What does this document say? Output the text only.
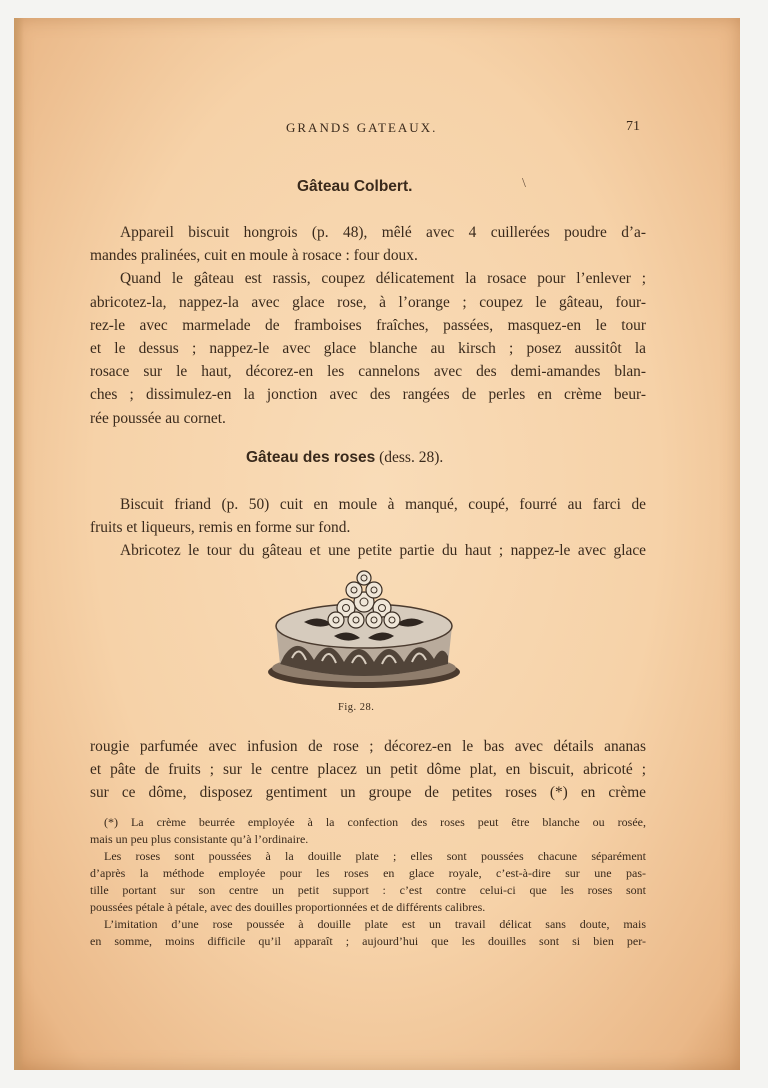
GRANDS GATEAUX.	71
\
Gâteau Colbert.
Appareil biscuit hongrois (p. 48), mêlé avec 4 cuillerées poudre d’a-
mandes pralinées, cuit en moule à rosace : four doux.
Quand le gâteau est rassis, coupez délicatement la rosace pour l’enlever ;
abricotez-la, nappez-la avec glace rose, à l’orange ; coupez le gâteau, four-
rez-le avec marmelade de framboises fraîches, passées, masquez-en le tour
et le dessus ; nappez-le avec glace blanche au kirsch ; posez aussitôt la
rosace sur le haut, décorez-en les cannelons avec des demi-amandes blan-
ches ; dissimulez-en la jonction avec des rangées de perles en crème beur-
rée poussée au cornet.
Gâteau des roses (dess. 28).
Biscuit friand (p. 50) cuit en moule à manqué, coupé, fourré au farci de
fruits et liqueurs, remis en forme sur fond.
Abricotez le tour du gâteau et une petite partie du haut ; nappez-le avec glace
Fig. 28.
rougie parfumée avec infusion de rose ; décorez-en le bas avec détails ananas
et pâte de fruits ; sur le centre placez un petit dôme plat, en biscuit, abricoté ;
sur ce dôme, disposez gentiment un groupe de petites roses (*) en crème
(*) La crème beurrée employée à la confection des roses peut être blanche ou rosée,
mais un peu plus consistante qu’à l’ordinaire.
Les roses sont poussées à la douille plate ; elles sont poussées chacune séparément
d’après la méthode employée pour les roses en glace royale, c’est-à-dire sur une pas-
tille portant sur son centre un petit support : c’est contre celui-ci que les roses sont
poussées pétale à pétale, avec des douilles proportionnées et de différents calibres.
L’imitation d’une rose poussée à douille plate est un travail délicat sans doute, mais
en somme, moins difficile qu’il apparaît ; aujourd’hui que les douilles sont si bien per-
